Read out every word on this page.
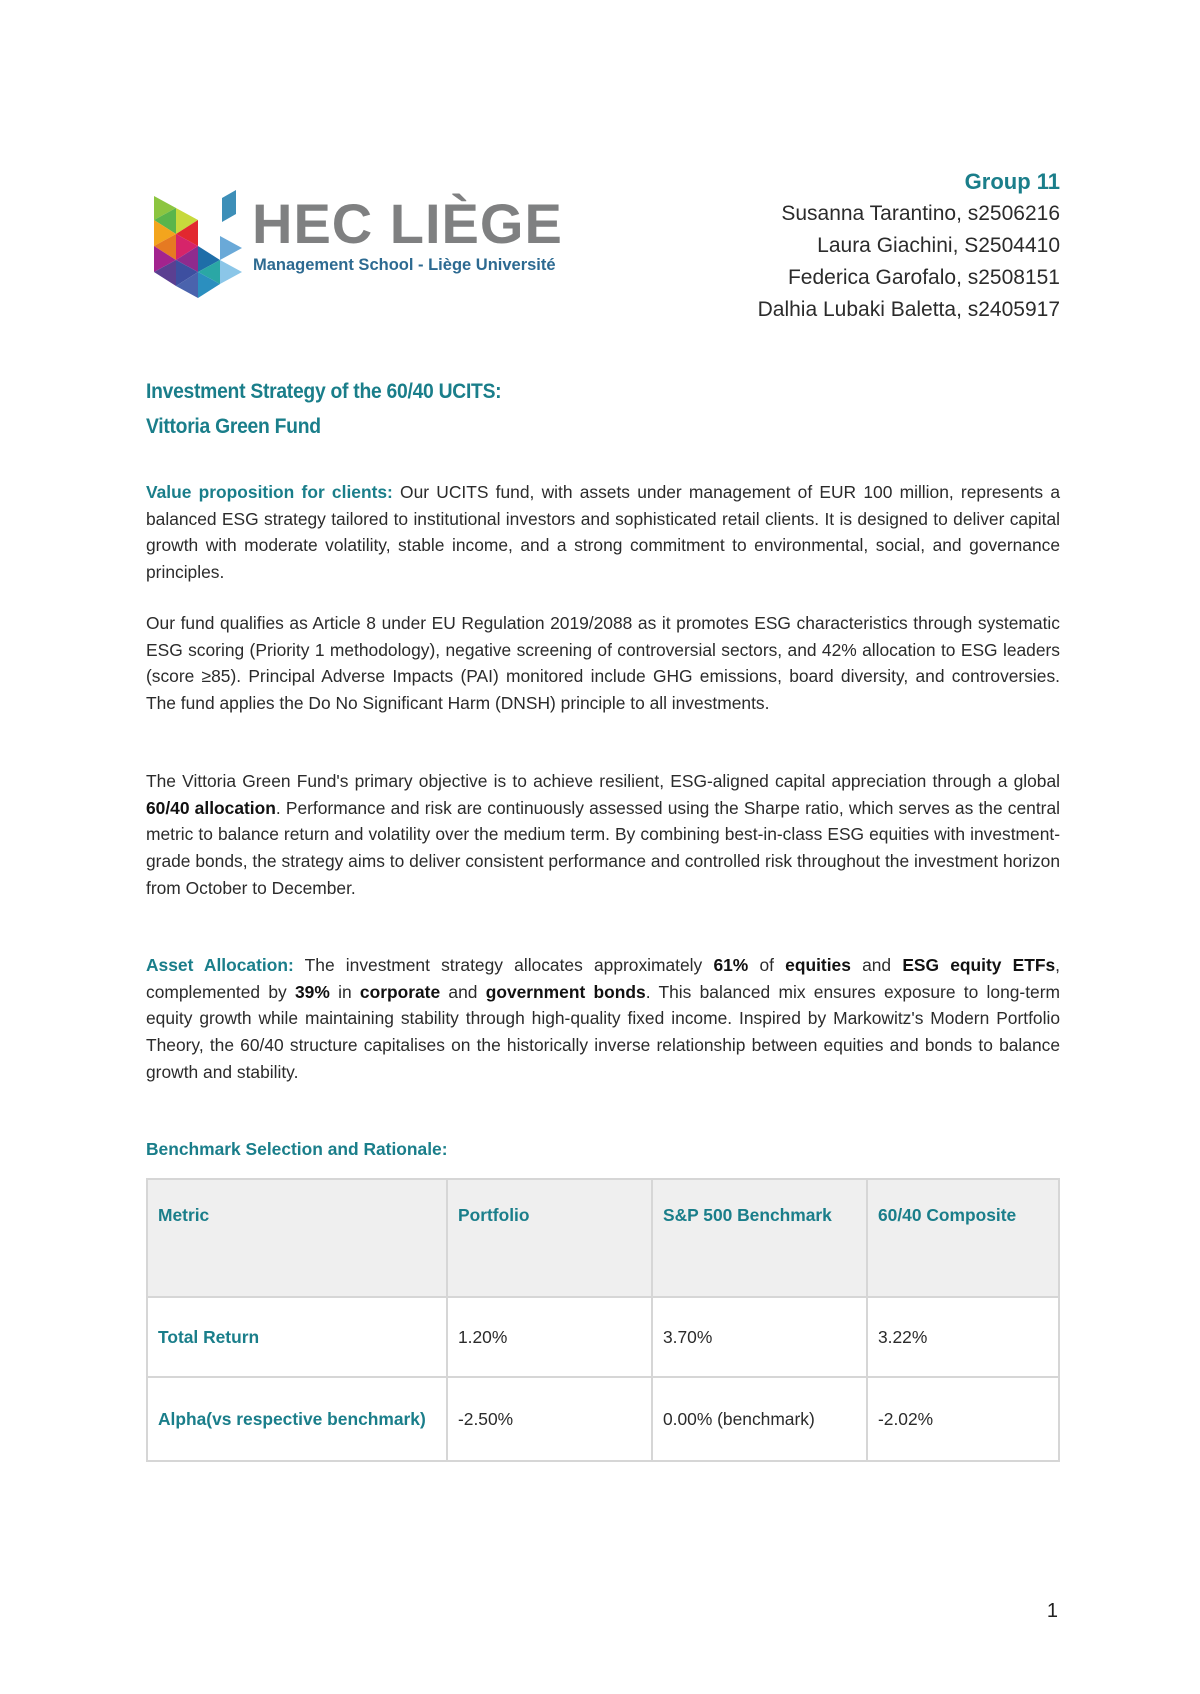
HEC LIÈGE
Management School - Liège Université
Group 11
Susanna Tarantino, s2506216
Laura Giachini, S2504410
Federica Garofalo, s2508151
Dalhia Lubaki Baletta, s2405917
Investment Strategy of the 60/40 UCITS:
Vittoria Green Fund
Value proposition for clients: Our UCITS fund, with assets under management of EUR 100 million, represents a balanced ESG strategy tailored to institutional investors and sophisticated retail clients. It is designed to deliver capital growth with moderate volatility, stable income, and a strong commitment to environmental, social, and governance principles.
Our fund qualifies as Article 8 under EU Regulation 2019/2088 as it promotes ESG characteristics through systematic ESG scoring (Priority 1 methodology), negative screening of controversial sectors, and 42% allocation to ESG leaders (score ≥85). Principal Adverse Impacts (PAI) monitored include GHG emissions, board diversity, and controversies. The fund applies the Do No Significant Harm (DNSH) principle to all investments.
The Vittoria Green Fund's primary objective is to achieve resilient, ESG-aligned capital appreciation through a global 60/40 allocation. Performance and risk are continuously assessed using the Sharpe ratio, which serves as the central metric to balance return and volatility over the medium term. By combining best-in-class ESG equities with investment-grade bonds, the strategy aims to deliver consistent performance and controlled risk throughout the investment horizon from October to December.
Asset Allocation: The investment strategy allocates approximately 61% of equities and ESG equity ETFs, complemented by 39% in corporate and government bonds. This balanced mix ensures exposure to long-term equity growth while maintaining stability through high-quality fixed income. Inspired by Markowitz's Modern Portfolio Theory, the 60/40 structure capitalises on the historically inverse relationship between equities and bonds to balance growth and stability.
Benchmark Selection and Rationale:
Metric	Portfolio	S&P 500 Benchmark	60/40 Composite
Total Return	1.20%	3.70%	3.22%
Alpha(vs respective benchmark)	-2.50%	0.00% (benchmark)	-2.02%
1
